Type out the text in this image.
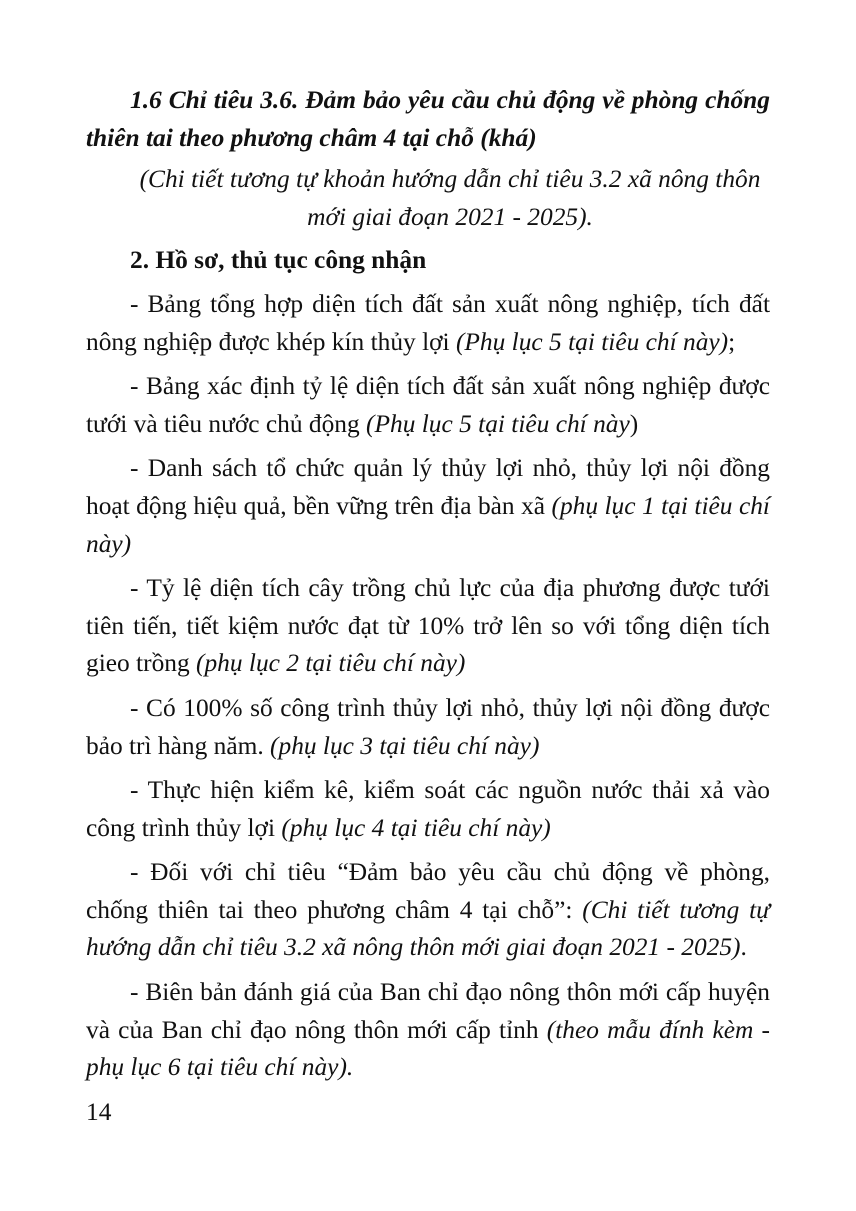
1.6 Chỉ tiêu 3.6. Đảm bảo yêu cầu chủ động về phòng chống thiên tai theo phương châm 4 tại chỗ (khá)

(Chi tiết tương tự khoản hướng dẫn chỉ tiêu 3.2 xã nông thôn mới giai đoạn 2021 - 2025).

2. Hồ sơ, thủ tục công nhận

- Bảng tổng hợp diện tích đất sản xuất nông nghiệp, tích đất nông nghiệp được khép kín thủy lợi (Phụ lục 5 tại tiêu chí này);

- Bảng xác định tỷ lệ diện tích đất sản xuất nông nghiệp được tưới và tiêu nước chủ động (Phụ lục 5 tại tiêu chí này)

- Danh sách tổ chức quản lý thủy lợi nhỏ, thủy lợi nội đồng hoạt động hiệu quả, bền vững trên địa bàn xã (phụ lục 1 tại tiêu chí này)

- Tỷ lệ diện tích cây trồng chủ lực của địa phương được tưới tiên tiến, tiết kiệm nước đạt từ 10% trở lên so với tổng diện tích gieo trồng (phụ lục 2 tại tiêu chí này)

- Có 100% số công trình thủy lợi nhỏ, thủy lợi nội đồng được bảo trì hàng năm. (phụ lục 3 tại tiêu chí này)

- Thực hiện kiểm kê, kiểm soát các nguồn nước thải xả vào công trình thủy lợi (phụ lục 4 tại tiêu chí này)

- Đối với chỉ tiêu “Đảm bảo yêu cầu chủ động về phòng, chống thiên tai theo phương châm 4 tại chỗ”: (Chi tiết tương tự hướng dẫn chỉ tiêu 3.2 xã nông thôn mới giai đoạn 2021 - 2025).

- Biên bản đánh giá của Ban chỉ đạo nông thôn mới cấp huyện và của Ban chỉ đạo nông thôn mới cấp tỉnh (theo mẫu đính kèm - phụ lục 6 tại tiêu chí này).

14
